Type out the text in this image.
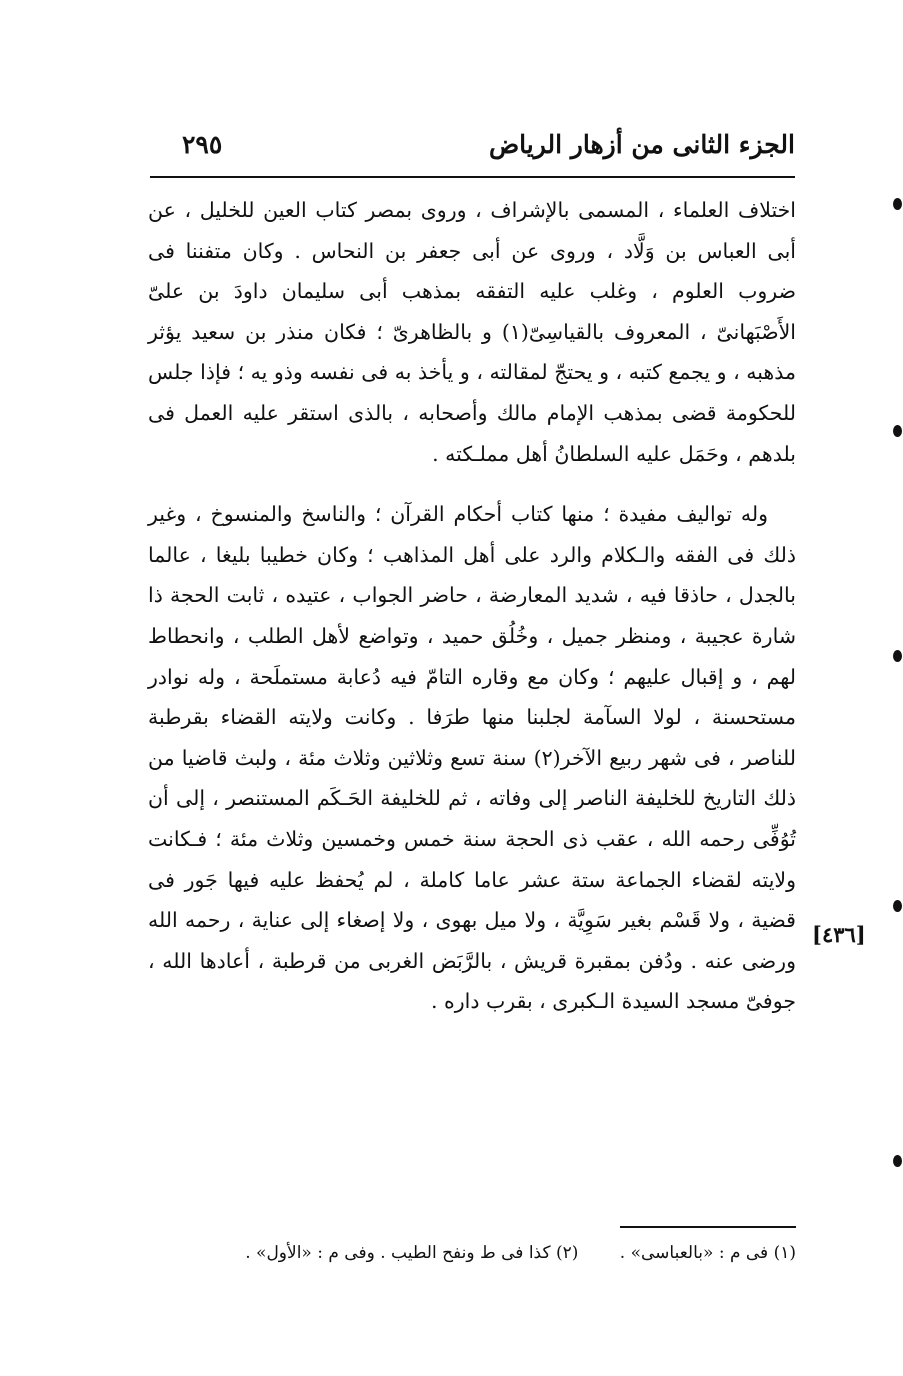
الجزء الثانى من أزهار الرياض
٢٩٥

اختلاف العلماء ، المسمى بالإشراف ، وروى بمصر كتاب العين للخليل ، عن أبى العباس بن وَلَّاد ، وروى عن أبى جعفر بن النحاس . وكان متفننا فى ضروب العلوم ، وغلب عليه التفقه بمذهب أبى سليمان داودَ بن علىّ الأَصْبَهانىّ ، المعروف بالقياسِىّ(١) و بالظاهرىّ ؛ فكان منذر بن سعيد يؤثر مذهبه ، و يجمع كتبه ، و يحتجّ لمقالته ، و يأخذ به فى نفسه وذو يه ؛ فإذا جلس للحكومة قضى بمذهب الإمام مالك وأصحابه ، بالذى استقر عليه العمل فى بلدهم ، وحَمَل عليه السلطانُ أهل مملـكته .

وله تواليف مفيدة ؛ منها كتاب أحكام القرآن ؛ والناسخ والمنسوخ ، وغير ذلك فى الفقه والـكلام والرد على أهل المذاهب ؛ وكان خطيبا بليغا ، عالما بالجدل ، حاذقا فيه ، شديد المعارضة ، حاضر الجواب ، عتيده ، ثابت الحجة ذا شارة عجيبة ، ومنظر جميل ، وخُلُق حميد ، وتواضع لأهل الطلب ، وانحطاط لهم ، و إقبال عليهم ؛ وكان مع وقاره التامّ فيه دُعابة مستملَحة ، وله نوادر مستحسنة ، لولا السآمة لجلبنا منها طرَفا . وكانت ولايته القضاء بقرطبة للناصر ، فى شهر ربيع الآخر(٢) سنة تسع وثلاثين وثلاث مئة ، ولبث قاضيا من ذلك التاريخ للخليفة الناصر إلى وفاته ، ثم للخليفة الحَـكَم المستنصر ، إلى أن تُوُفِّى رحمه الله ، عقب ذى الحجة سنة خمس وخمسين وثلاث مئة ؛ فـكانت ولايته لقضاء الجماعة ستة عشر عاما كاملة ، لم يُحفظ عليه فيها جَور فى قضية ، ولا قَسْم بغير سَوِيَّة ، ولا ميل بهوى ، ولا إصغاء إلى عناية ، رحمه الله ورضى عنه . ودُفن بمقبرة قريش ، بالرَّبَض الغربى من قرطبة ، أعادها الله ، جوفىّ مسجد السيدة الـكبرى ، بقرب داره .

[٤٣٦]
(١) فى م : «بالعباسى» . (٢) كذا فى ط ونفح الطيب . وفى م : «الأول» .
